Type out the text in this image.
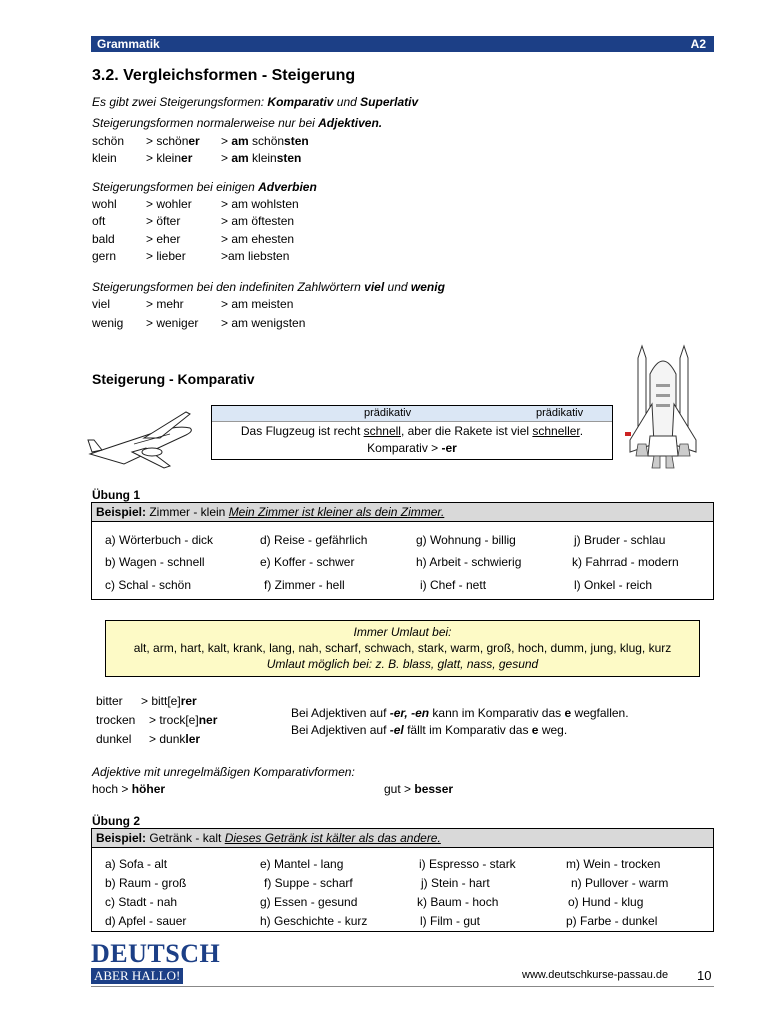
Grammatik	A2
3.2. Vergleichsformen - Steigerung
Es gibt zwei Steigerungsformen: Komparativ und Superlativ
Steigerungsformen normalerweise nur bei Adjektiven.
schön > schöner > am schönsten
klein > kleiner > am kleinsten
Steigerungsformen bei einigen Adverbien
wohl > wohler > am wohlsten
oft	> öfter	> am öftesten
bald	> eher	> am ehesten
gern > lieber	>am liebsten
Steigerungsformen bei den indefiniten Zahlwörtern viel und wenig
viel	> mehr	> am meisten
wenig > weniger > am wenigsten
Steigerung - Komparativ
prädikativ	prädikativ
Das Flugzeug ist recht schnell, aber die Rakete ist viel schneller.
Komparativ > -er
Übung 1
Beispiel: Zimmer - klein Mein Zimmer ist kleiner als dein Zimmer.
a) Wörterbuch - dick	d) Reise - gefährlich	g) Wohnung - billig	j) Bruder - schlau
b) Wagen - schnell	e) Koffer - schwer	h) Arbeit - schwierig	k) Fahrrad - modern
c) Schal - schön	f) Zimmer - hell	i) Chef - nett	l) Onkel - reich
Immer Umlaut bei:
alt, arm, hart, kalt, krank, lang, nah, scharf, schwach, stark, warm, groß, hoch, dumm, jung, klug, kurz
Umlaut möglich bei: z. B. blass, glatt, nass, gesund
bitter > bitt[e]rer
trocken > trock[e]ner
dunkel > dunkler
Bei Adjektiven auf -er, -en kann im Komparativ das e wegfallen.
Bei Adjektiven auf -el fällt im Komparativ das e weg.
Adjektive mit unregelmäßigen Komparativformen:
hoch > höher	gut > besser
Übung 2
Beispiel: Getränk - kalt Dieses Getränk ist kälter als das andere.
a) Sofa - alt	e) Mantel - lang	i) Espresso - stark	m) Wein - trocken
b) Raum - groß	f) Suppe - scharf	j) Stein - hart	n) Pullover - warm
c) Stadt - nah	g) Essen - gesund	k) Baum - hoch	o) Hund - klug
d) Apfel - sauer	h) Geschichte - kurz	l) Film - gut	p) Farbe - dunkel
DEUTSCH
ABER HALLO!	www.deutschkurse-passau.de 10
